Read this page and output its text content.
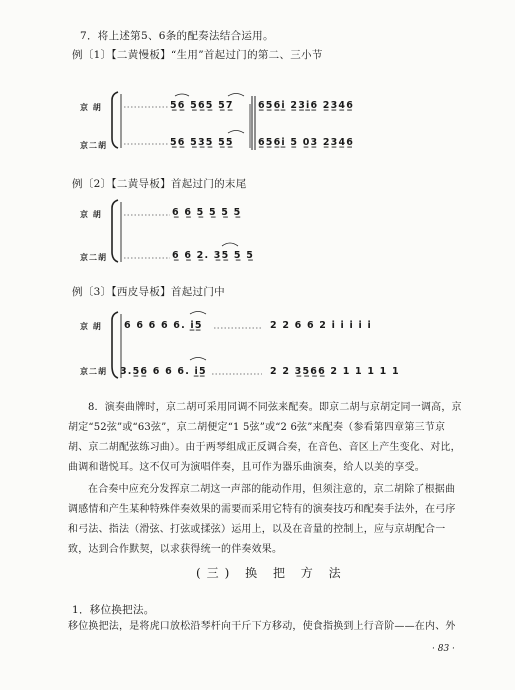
7．将上述第5、6条的配奏法结合运用。
例〔1〕【二黄慢板】“生用”首起过门的第二、三小节
京 胡
京二胡
5̲6̲ 5̲6̲5̲ 5̲7̲	6̲5̲6̲i̲ 2̲3̲i̲6̲ 2̲3̲4̲6̲
5̲6̲ 5̲3̲5̲ 5̲5̲	6̲5̲6̲i̲ 5̲ 0̲3̲ 2̲3̲4̲6̲
例〔2〕【二黄导板】首起过门的末尾
京 胡
京二胡
6̲ 6̲ 5̲ 5̲ 5̲ 5̲
6̲ 6̲ 2̲. 3̲5̲ 5̲ 5̲
例〔3〕【西皮导板】首起过门中
京 胡
京二胡
6 6 6 6 6. i̲5̲	2 2 6 6 2 i i i i i
3.5̲6̲ 6 6 6. i̲5̲	2 2 3̲5̲6̲6̲ 2 1 1 1 1 1
8．演奏曲牌时，京二胡可采用同调不同弦来配奏。即京二胡与京胡定同一调高，京胡定“52弦”或“63弦”，京二胡便定“1 5弦”或“2 6弦”来配奏（参看第四章第三节京胡、京二胡配弦练习曲）。由于两琴组成正反调合奏，在音色、音区上产生变化、对比，曲调和谐悦耳。这不仅可为演唱伴奏，且可作为器乐曲演奏，给人以美的享受。
在合奏中应充分发挥京二胡这一声部的能动作用，但须注意的，京二胡除了根据曲调感情和产生某种特殊伴奏效果的需要而采用它特有的演奏技巧和配奏手法外，在弓序和弓法、指法（滑弦、打弦或揉弦）运用上，以及在音量的控制上，应与京胡配合一致，达到合作默契，以求获得统一的伴奏效果。
(三) 换 把 方 法
1．移位换把法。
移位换把法，是将虎口放松沿琴杆向干斤下方移动，使食指换到上行音阶——在内、外
· 83 ·
